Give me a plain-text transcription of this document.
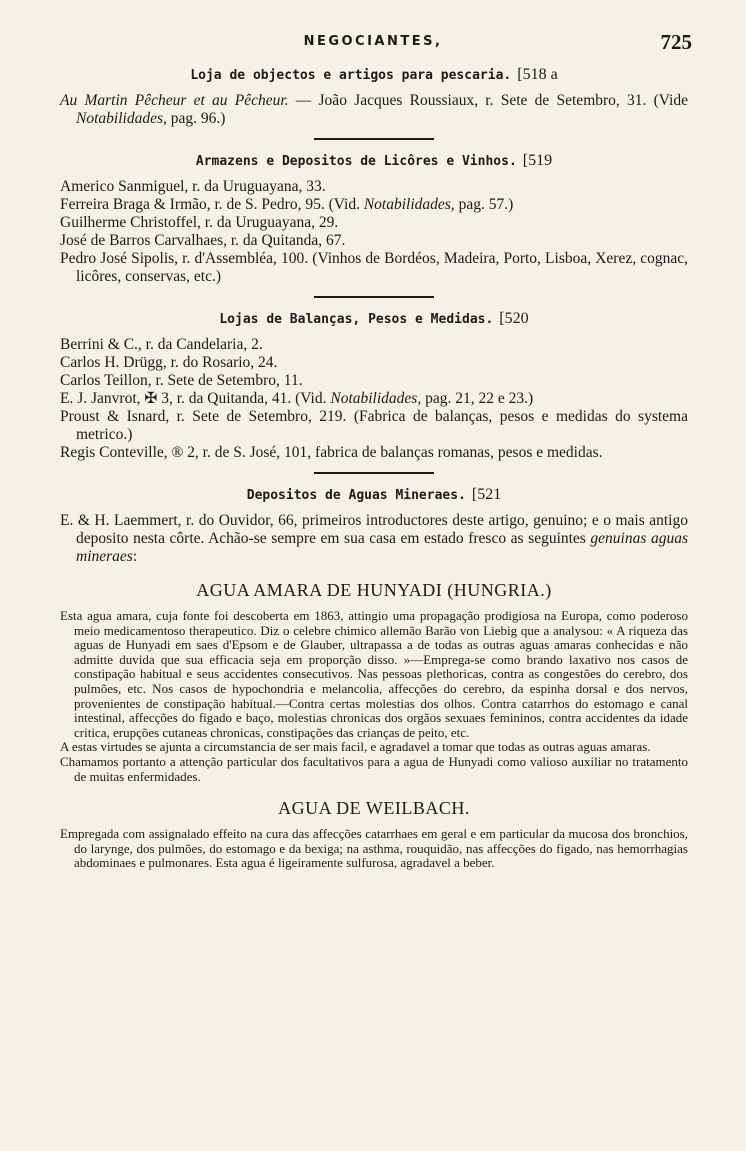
NEGOCIANTES,	725
Loja de objectos e artigos para pescaria. [518 a

Au Martin Pêcheur et au Pêcheur. — João Jacques Roussiaux, r. Sete de Setembro, 31. (Vide Notabilidades, pag. 96.)

Armazens e Depositos de Licôres e Vinhos. [519

Americo Sanmiguel, r. da Uruguayana, 33.

Ferreira Braga & Irmão, r. de S. Pedro, 95. (Vid. Notabilidades, pag. 57.)

Guilherme Christoffel, r. da Uruguayana, 29.

José de Barros Carvalhaes, r. da Quitanda, 67.

Pedro José Sipolis, r. d'Assembléa, 100. (Vinhos de Bordéos, Madeira, Porto, Lisboa, Xerez, cognac, licôres, conservas, etc.)

Lojas de Balanças, Pesos e Medidas. [520

Berrini & C., r. da Candelaria, 2.

Carlos H. Drügg, r. do Rosario, 24.

Carlos Teillon, r. Sete de Setembro, 11.

E. J. Janvrot, ✠ 3, r. da Quitanda, 41. (Vid. Notabilidades, pag. 21, 22 e 23.)

Proust & Isnard, r. Sete de Setembro, 219. (Fabrica de balanças, pesos e medidas do systema metrico.)

Regis Conteville, ® 2, r. de S. José, 101, fabrica de balanças romanas, pesos e medidas.

Depositos de Aguas Mineraes. [521

E. & H. Laemmert, r. do Ouvidor, 66, primeiros introductores deste artigo, genuino; e o mais antigo deposito nesta côrte. Achão-se sempre em sua casa em estado fresco as seguintes genuinas aguas mineraes:

AGUA AMARA DE HUNYADI (HUNGRIA.)

Esta agua amara, cuja fonte foi descoberta em 1863, attingio uma propagação prodigiosa na Europa, como poderoso meio medicamentoso therapeutico. Diz o celebre chimico allemão Barão von Liebig que a analysou: « A riqueza das aguas de Hunyadi em saes d'Epsom e de Glauber, ultrapassa a de todas as outras aguas amaras conhecidas e não admitte duvida que sua efficacia seja em proporção disso. »—Emprega-se como brando laxativo nos casos de constipação habitual e seus accidentes consecutivos. Nas pessoas plethoricas, contra as congestões do cerebro, dos pulmões, etc. Nos casos de hypochondria e melancolia, affecções do cerebro, da espinha dorsal e dos nervos, provenientes de constipação habitual.—Contra certas molestias dos olhos. Contra catarrhos do estomago e canal intestinal, affecções do figado e baço, molestias chronicas dos orgãos sexuaes femininos, contra accidentes da idade critica, erupções cutaneas chronicas, constipações das crianças de peito, etc.

A estas virtudes se ajunta a circumstancia de ser mais facil, e agradavel a tomar que todas as outras aguas amaras.

Chamamos portanto a attenção particular dos facultativos para a agua de Hunyadi como valioso auxiliar no tratamento de muitas enfermidades.

AGUA DE WEILBACH.

Empregada com assignalado effeito na cura das affecções catarrhaes em geral e em particular da mucosa dos bronchios, do larynge, dos pulmões, do estomago e da bexiga; na asthma, rouquidão, nas affecções do figado, nas hemorrhagias abdominaes e pulmonares. Esta agua é ligeiramente sulfurosa, agradavel a beber.
